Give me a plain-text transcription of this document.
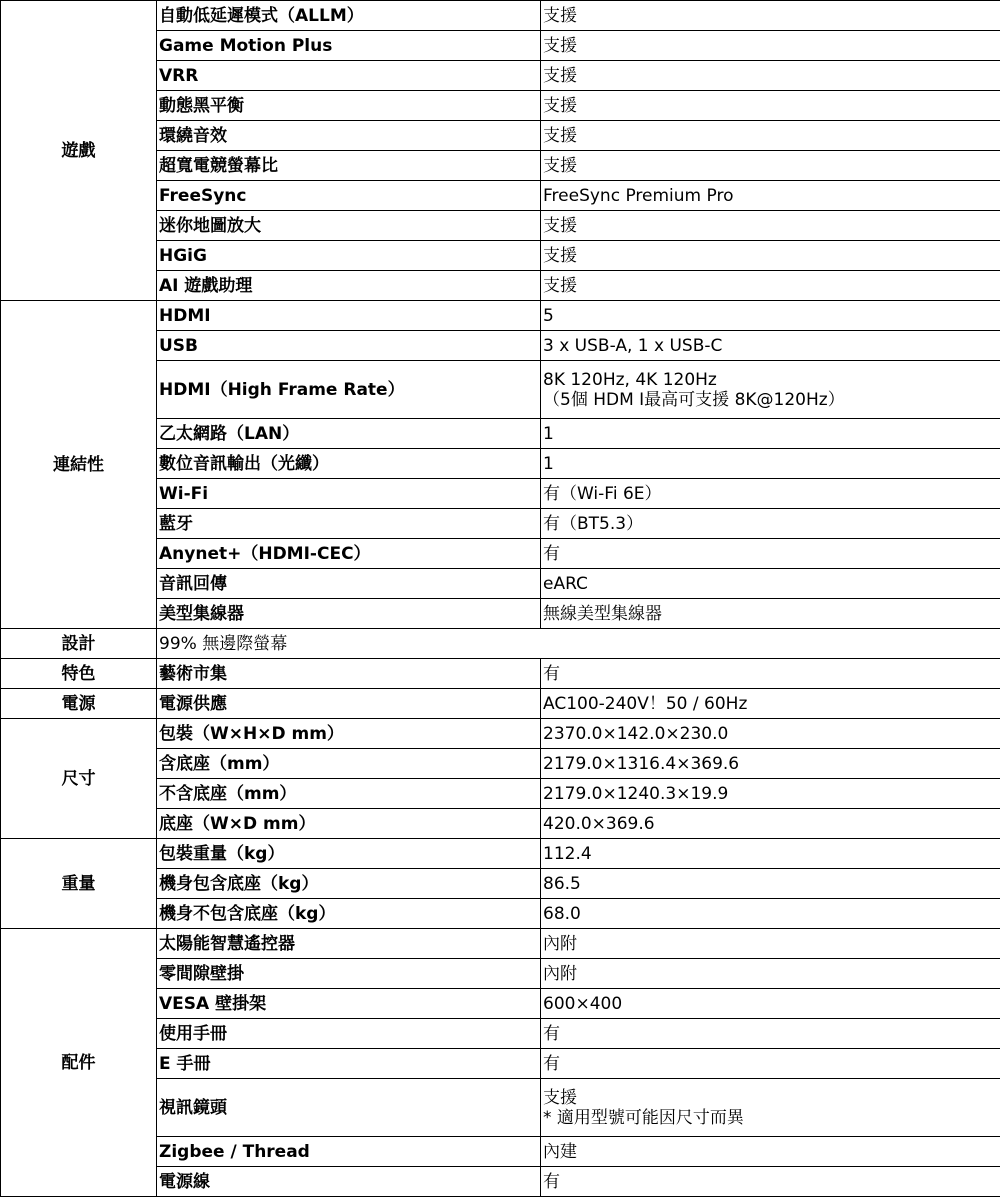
遊戲	自動低延遲模式（ALLM）	支援

	Game Motion Plus	支援

	VRR	支援

	動態黑平衡	支援

	環繞音效	支援

	超寬電競螢幕比	支援

	FreeSync	FreeSync Premium Pro

	迷你地圖放大	支援

	HGiG	支援

	AI 遊戲助理	支援

連結性	HDMI	5

	USB	3 x USB-A, 1 x USB-C

	HDMI（High Frame Rate）	8K 120Hz, 4K 120Hz
（5個 HDM I最高可支援 8K@120Hz）

	乙太網路（LAN）	1

	數位音訊輸出（光纖）	1

	Wi-Fi	有（Wi-Fi 6E）

	藍牙	有（BT5.3）

	Anynet+（HDMI-CEC）	有

	音訊回傳	eARC

	美型集線器	無線美型集線器

設計	99% 無邊際螢幕	
特色	藝術市集	有

電源	電源供應	AC100-240V！50 / 60Hz

尺寸	包裝（W×H×D mm）	2370.0×142.0×230.0

	含底座（mm）	2179.0×1316.4×369.6

	不含底座（mm）	2179.0×1240.3×19.9

	底座（W×D mm）	420.0×369.6

重量	包裝重量（kg）	112.4

	機身包含底座（kg）	86.5

	機身不包含底座（kg）	68.0

配件	太陽能智慧遙控器	內附

	零間隙壁掛	內附

	VESA 壁掛架	600×400

	使用手冊	有

	E 手冊	有

	視訊鏡頭	支援
* 適用型號可能因尺寸而異

	Zigbee / Thread	內建

	電源線	有
